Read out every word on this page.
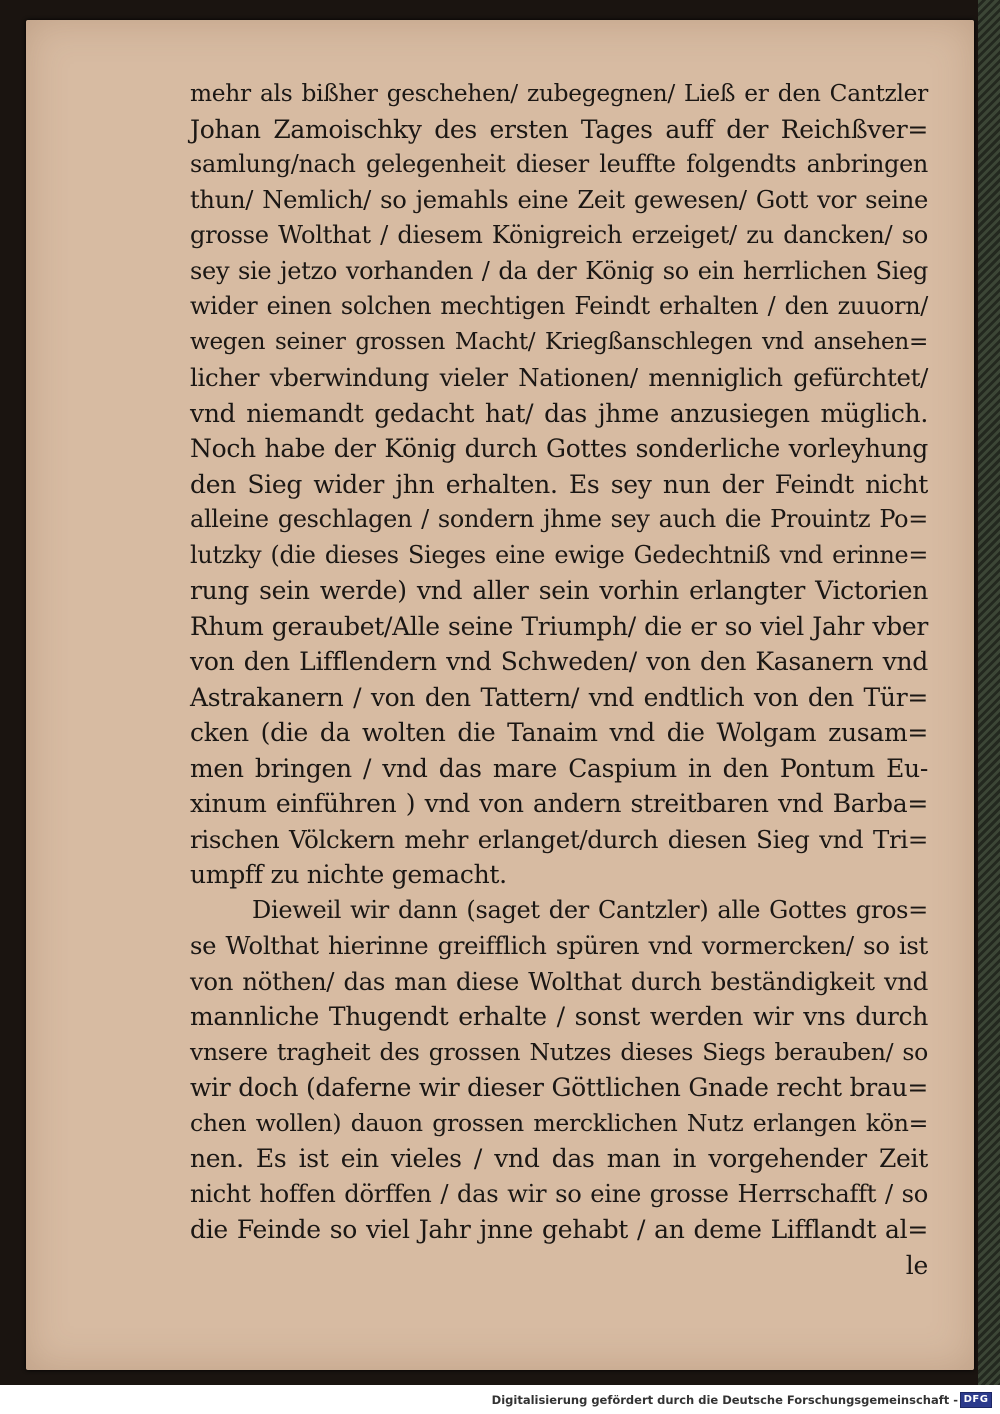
mehr als bißher geschehen/ zubegegnen/ Ließ er den Cantzler
Johan Zamoischky des ersten Tages auff der Reichßver=
samlung/nach gelegenheit dieser leuffte folgendts anbringen
thun/ Nemlich/ so jemahls eine Zeit gewesen/ Gott vor seine
grosse Wolthat / diesem Königreich erzeiget/ zu dancken/ so
sey sie jetzo vorhanden / da der König so ein herrlichen Sieg
wider einen solchen mechtigen Feindt erhalten / den zuuorn/
wegen seiner grossen Macht/ Kriegßanschlegen vnd ansehen=
licher vberwindung vieler Nationen/ menniglich gefürchtet/
vnd niemandt gedacht hat/ das jhme anzusiegen müglich.
Noch habe der König durch Gottes sonderliche vorleyhung
den Sieg wider jhn erhalten. Es sey nun der Feindt nicht
alleine geschlagen / sondern jhme sey auch die Prouintz Po=
lutzky (die dieses Sieges eine ewige Gedechtniß vnd erinne=
rung sein werde) vnd aller sein vorhin erlangter Victorien
Rhum geraubet/Alle seine Triumph/ die er so viel Jahr vber
von den Lifflendern vnd Schweden/ von den Kasanern vnd
Astrakanern / von den Tattern/ vnd endtlich von den Tür=
cken (die da wolten die Tanaim vnd die Wolgam zusam=
men bringen / vnd das mare Caspium in den Pontum Eu-
xinum einführen ) vnd von andern streitbaren vnd Barba=
rischen Völckern mehr erlanget/durch diesen Sieg vnd Tri=
umpff zu nichte gemacht.
Dieweil wir dann (saget der Cantzler) alle Gottes gros=
se Wolthat hierinne greifflich spüren vnd vormercken/ so ist
von nöthen/ das man diese Wolthat durch beständigkeit vnd
mannliche Thugendt erhalte / sonst werden wir vns durch
vnsere tragheit des grossen Nutzes dieses Siegs berauben/ so
wir doch (daferne wir dieser Göttlichen Gnade recht brau=
chen wollen) dauon grossen mercklichen Nutz erlangen kön=
nen. Es ist ein vieles / vnd das man in vorgehender Zeit
nicht hoffen dörffen / das wir so eine grosse Herrschafft / so
die Feinde so viel Jahr jnne gehabt / an deme Lifflandt al=
le
Digitalisierung gefördert durch die Deutsche Forschungsgemeinschaft - DFG
